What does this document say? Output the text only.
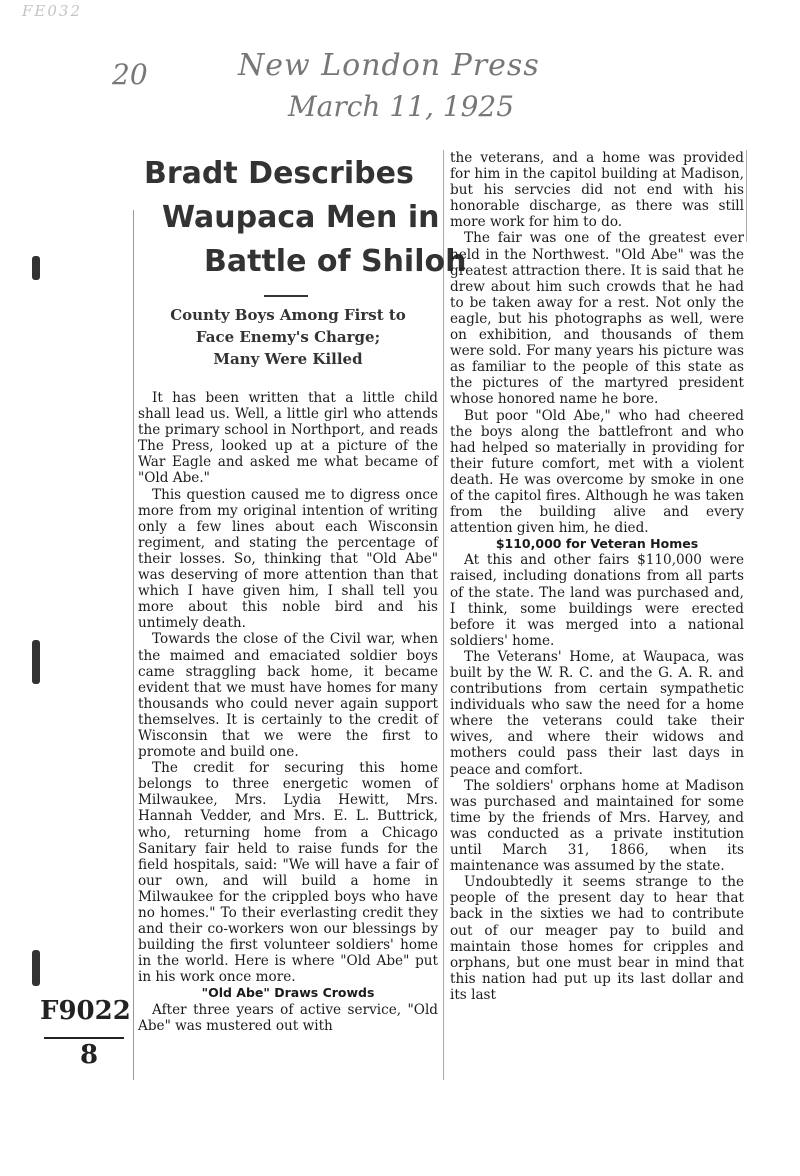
FE032
20	New London Press
March 11, 1925
F9022
8
Bradt Describes
Waupaca Men in
Battle of Shiloh
County Boys Among First to
Face Enemy's Charge;
Many Were Killed

It has been written that a little child shall lead us. Well, a little girl who attends the primary school in Northport, and reads The Press, looked up at a picture of the War Eagle and asked me what became of "Old Abe."

This question caused me to digress once more from my original intention of writing only a few lines about each Wisconsin regiment, and stating the percentage of their losses. So, thinking that "Old Abe" was deserving of more attention than that which I have given him, I shall tell you more about this noble bird and his untimely death.

Towards the close of the Civil war, when the maimed and emaciated soldier boys came straggling back home, it became evident that we must have homes for many thousands who could never again support themselves. It is certainly to the credit of Wisconsin that we were the first to promote and build one.

The credit for securing this home belongs to three energetic women of Milwaukee, Mrs. Lydia Hewitt, Mrs. Hannah Vedder, and Mrs. E. L. Buttrick, who, returning home from a Chicago Sanitary fair held to raise funds for the field hospitals, said: "We will have a fair of our own, and will build a home in Milwaukee for the crippled boys who have no homes." To their everlasting credit they and their co-workers won our blessings by building the first volunteer soldiers' home in the world. Here is where "Old Abe" put in his work once more.

"Old Abe" Draws Crowds

After three years of active service, "Old Abe" was mustered out with

the veterans, and a home was provided for him in the capitol building at Madison, but his servcies did not end with his honorable discharge, as there was still more work for him to do.

The fair was one of the greatest ever held in the Northwest. "Old Abe" was the greatest attraction there. It is said that he drew about him such crowds that he had to be taken away for a rest. Not only the eagle, but his photographs as well, were on exhibition, and thousands of them were sold. For many years his picture was as familiar to the people of this state as the pictures of the martyred president whose honored name he bore.

But poor "Old Abe," who had cheered the boys along the battlefront and who had helped so materially in providing for their future comfort, met with a violent death. He was overcome by smoke in one of the capitol fires. Although he was taken from the building alive and every attention given him, he died.

$110,000 for Veteran Homes

At this and other fairs $110,000 were raised, including donations from all parts of the state. The land was purchased and, I think, some buildings were erected before it was merged into a national soldiers' home.

The Veterans' Home, at Waupaca, was built by the W. R. C. and the G. A. R. and contributions from certain sympathetic individuals who saw the need for a home where the veterans could take their wives, and where their widows and mothers could pass their last days in peace and comfort.

The soldiers' orphans home at Madison was purchased and maintained for some time by the friends of Mrs. Harvey, and was conducted as a private institution until March 31, 1866, when its maintenance was assumed by the state.

Undoubtedly it seems strange to the people of the present day to hear that back in the sixties we had to contribute out of our meager pay to build and maintain those homes for cripples and orphans, but one must bear in mind that this nation had put up its last dollar and its last
